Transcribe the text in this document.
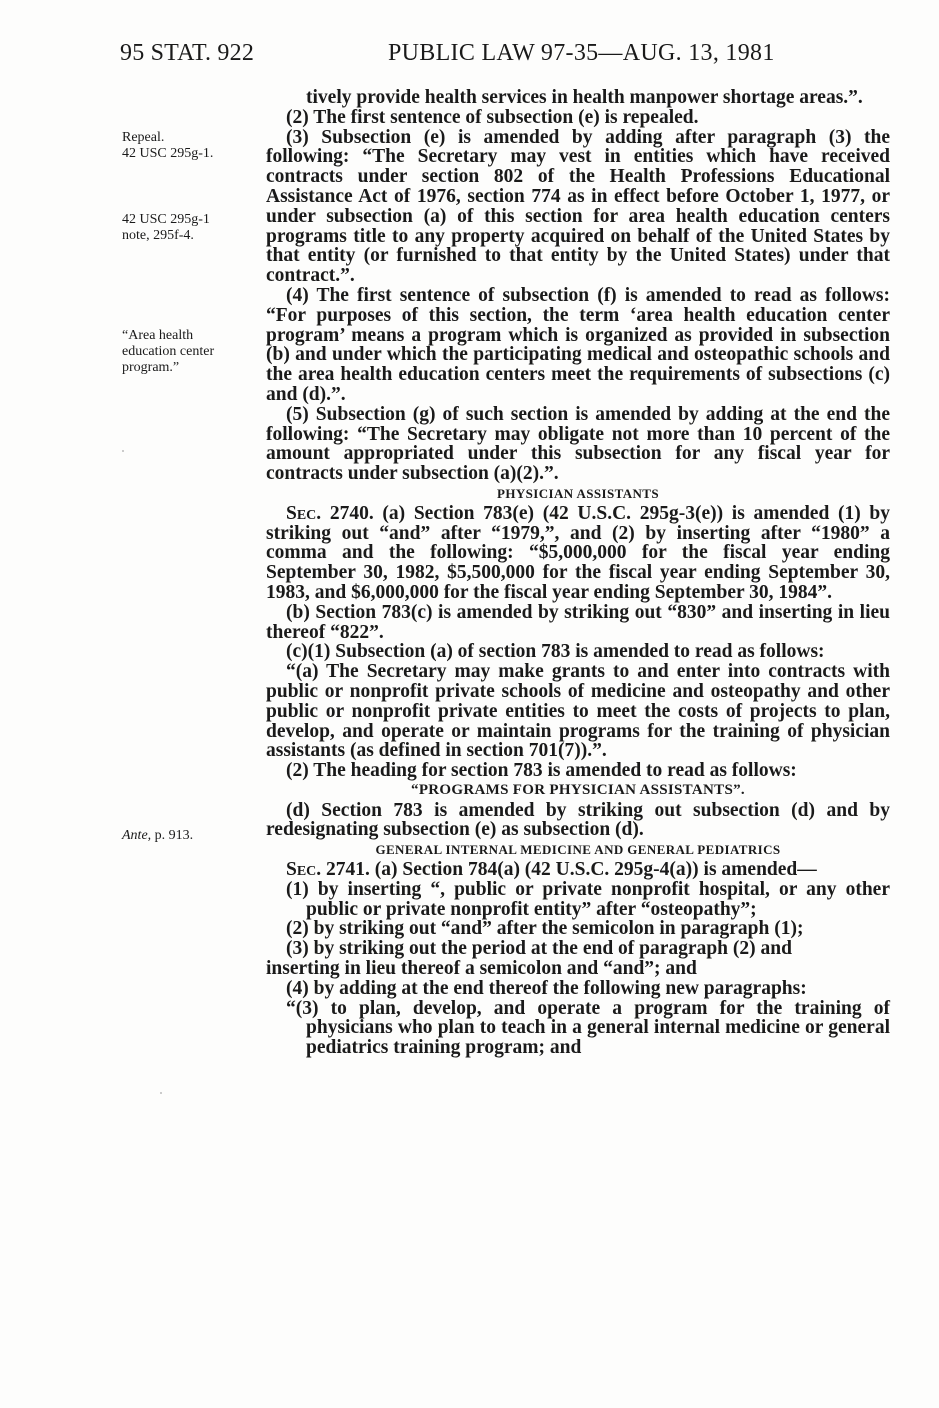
95 STAT. 922	PUBLIC LAW 97-35—AUG. 13, 1981
Repeal.
42 USC 295g-1.
42 USC 295g-1
note, 295f-4.
“Area health
education center
program.”
Ante, p. 913.

tively provide health services in health manpower shortage areas.”.

(2) The first sentence of subsection (e) is repealed.

(3) Subsection (e) is amended by adding after paragraph (3) the following: “The Secretary may vest in entities which have received contracts under section 802 of the Health Professions Educational Assistance Act of 1976, section 774 as in effect before October 1, 1977, or under subsection (a) of this section for area health education centers programs title to any property acquired on behalf of the United States by that entity (or furnished to that entity by the United States) under that contract.”.

(4) The first sentence of subsection (f) is amended to read as follows: “For purposes of this section, the term ‘area health education center program’ means a program which is organized as provided in subsection (b) and under which the participating medical and osteopathic schools and the area health education centers meet the requirements of subsections (c) and (d).”.

(5) Subsection (g) of such section is amended by adding at the end the following: “The Secretary may obligate not more than 10 percent of the amount appropriated under this subsection for any fiscal year for contracts under subsection (a)(2).”.

PHYSICIAN ASSISTANTS

Sec. 2740. (a) Section 783(e) (42 U.S.C. 295g-3(e)) is amended (1) by striking out “and” after “1979,”, and (2) by inserting after “1980” a comma and the following: “$5,000,000 for the fiscal year ending September 30, 1982, $5,500,000 for the fiscal year ending September 30, 1983, and $6,000,000 for the fiscal year ending September 30, 1984”.

(b) Section 783(c) is amended by striking out “830” and inserting in lieu thereof “822”.

(c)(1) Subsection (a) of section 783 is amended to read as follows:

“(a) The Secretary may make grants to and enter into contracts with public or nonprofit private schools of medicine and osteopathy and other public or nonprofit private entities to meet the costs of projects to plan, develop, and operate or maintain programs for the training of physician assistants (as defined in section 701(7)).”.

(2) The heading for section 783 is amended to read as follows:

“PROGRAMS FOR PHYSICIAN ASSISTANTS”.

(d) Section 783 is amended by striking out subsection (d) and by redesignating subsection (e) as subsection (d).

GENERAL INTERNAL MEDICINE AND GENERAL PEDIATRICS

Sec. 2741. (a) Section 784(a) (42 U.S.C. 295g-4(a)) is amended—

(1) by inserting “, public or private nonprofit hospital, or any other public or private nonprofit entity” after “osteopathy”;

(2) by striking out “and” after the semicolon in paragraph (1);

(3) by striking out the period at the end of paragraph (2) and

inserting in lieu thereof a semicolon and “and”; and

(4) by adding at the end thereof the following new paragraphs:

“(3) to plan, develop, and operate a program for the training of physicians who plan to teach in a general internal medicine or general pediatrics training program; and
